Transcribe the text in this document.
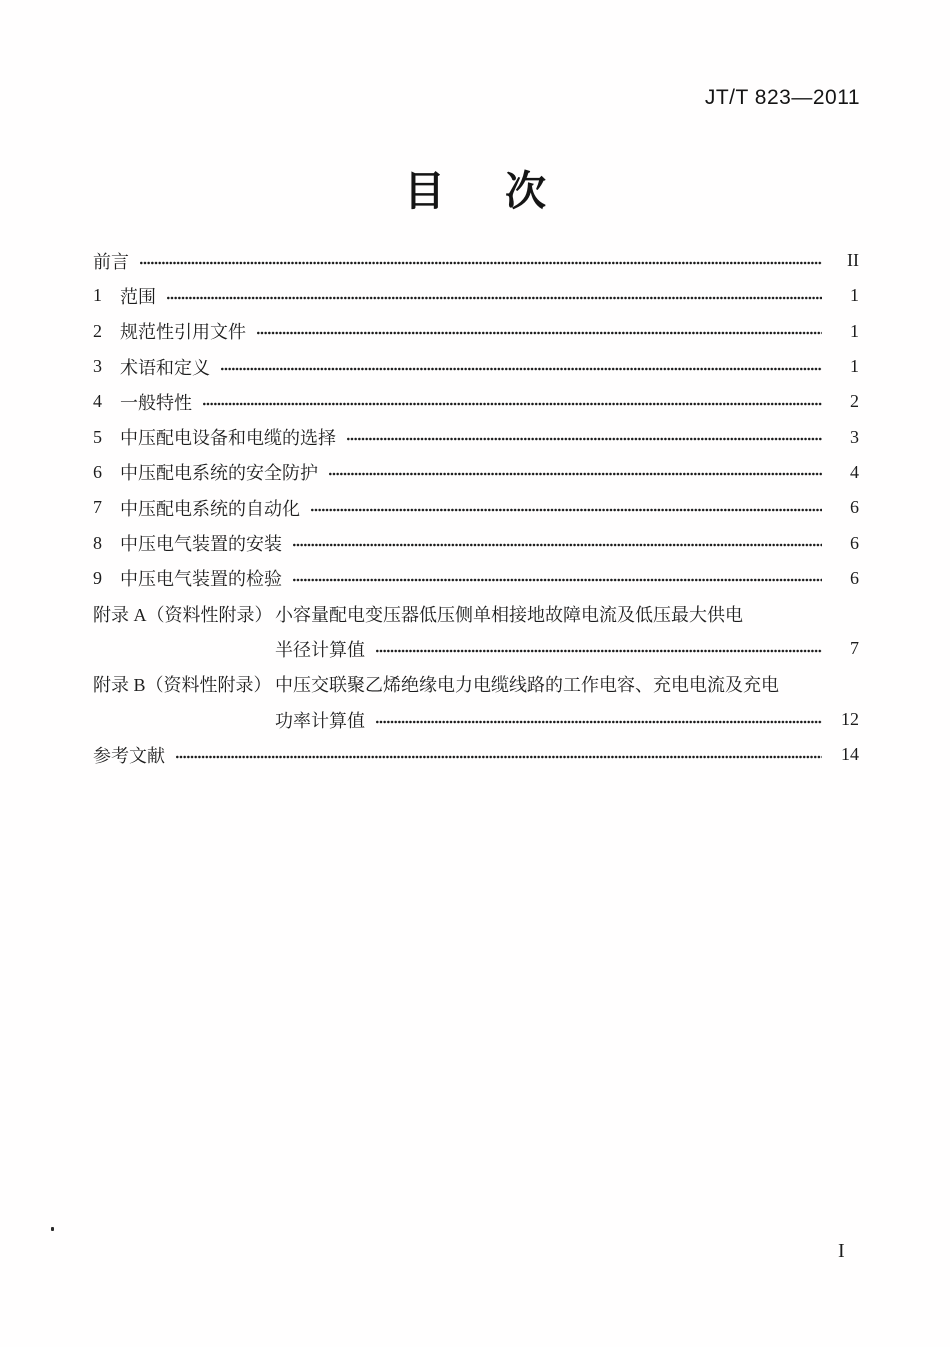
JT/T 823—2011
目次
前言	II
1	范围	1
2	规范性引用文件	1
3	术语和定义	1
4	一般特性	2
5	中压配电设备和电缆的选择	3
6	中压配电系统的安全防护	4
7	中压配电系统的自动化	6
8	中压电气装置的安装	6
9	中压电气装置的检验	6
附录 A（资料性附录） 小容量配电变压器低压侧单相接地故障电流及低压最大供电
半径计算值	7
附录 B（资料性附录） 中压交联聚乙烯绝缘电力电缆线路的工作电容、充电电流及充电
功率计算值	12
参考文献	14
I
